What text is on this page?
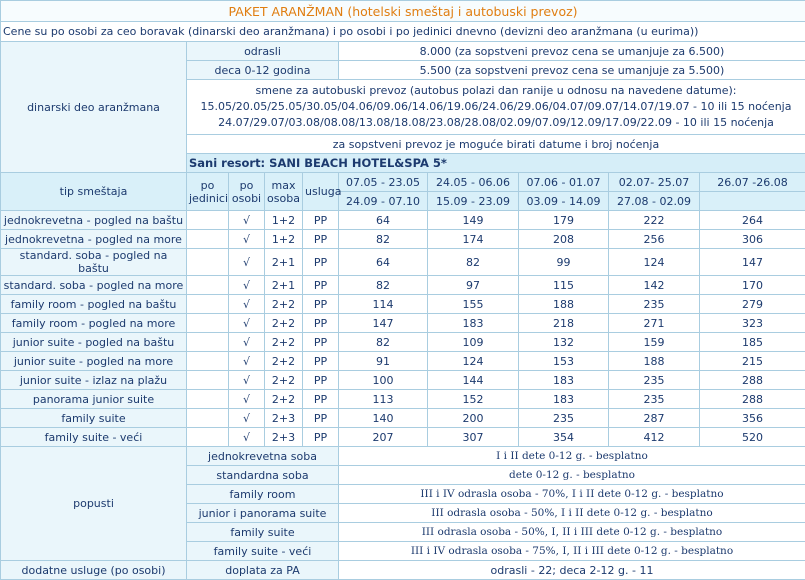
PAKET ARANŽMAN (hotelski smeštaj i autobuski prevoz)									
Cene su po osobi za ceo boravak (dinarski deo aranžmana) i po osobi i po jedinici dnevno (devizni deo aranžmana (u eurima))									
dinarski deo aranžmana	odrasli				8.000 (za sopstveni prevoz cena se umanjuje za 6.500)				
	deca 0-12 godina				5.500 (za sopstveni prevoz cena se umanjuje za 5.500)				

	smene za autobuski prevoz (autobus polazi dan ranije u odnosu na navedene datume):
15.05/20.05/25.05/30.05/04.06/09.06/14.06/19.06/24.06/29.06/04.07/09.07/14.07/19.07 - 10 ili 15 noćenja
24.07/29.07/03.08/08.08/13.08/18.08/23.08/28.08/02.09/07.09/12.09/17.09/22.09 - 10 ili 15 noćenja								

	za sopstveni prevoz je moguće birati datume i broj noćenja								
	Sani resort: SANI BEACH HOTEL&SPA 5*								
tip smeštaja	po jedinici	po osobi	max osoba	usluga	07.05 - 23.05	24.05 - 06.06	07.06 - 01.07	02.07- 25.07	26.07 -26.08
					24.09 - 07.10	15.09 - 23.09	03.09 - 14.09	27.08 - 02.09	
jednokrevetna - pogled na baštu		√	1+2	PP	64	149	179	222	264
jednokrevetna - pogled na more		√	1+2	PP	82	174	208	256	306
standard. soba - pogled na baštu		√	2+1	PP	64	82	99	124	147
standard. soba - pogled na more		√	2+1	PP	82	97	115	142	170
family room - pogled na baštu		√	2+2	PP	114	155	188	235	279
family room - pogled na more		√	2+2	PP	147	183	218	271	323
junior suite - pogled na baštu		√	2+2	PP	82	109	132	159	185
junior suite - pogled na more		√	2+2	PP	91	124	153	188	215
junior suite - izlaz na plažu		√	2+2	PP	100	144	183	235	288
panorama junior suite		√	2+2	PP	113	152	183	235	288
family suite		√	2+3	PP	140	200	235	287	356
family suite - veći		√	2+3	PP	207	307	354	412	520
popusti	jednokrevetna soba				I i II dete 0-12 g. - besplatno				
	standardna soba				dete 0-12 g. - besplatno				
	family room				III i IV odrasla osoba - 70%, I i II dete 0-12 g. - besplatno				
	junior i panorama suite				III odrasla osoba - 50%, I i II dete 0-12 g. - besplatno				
	family suite				III odrasla osoba - 50%, I, II i III dete 0-12 g. - besplatno				
	family suite - veći				III i IV odrasla osoba - 75%, I, II i III dete 0-12 g. - besplatno				
dodatne usluge (po osobi)	doplata za PA				odrasli - 22; deca 2-12 g. - 11				
